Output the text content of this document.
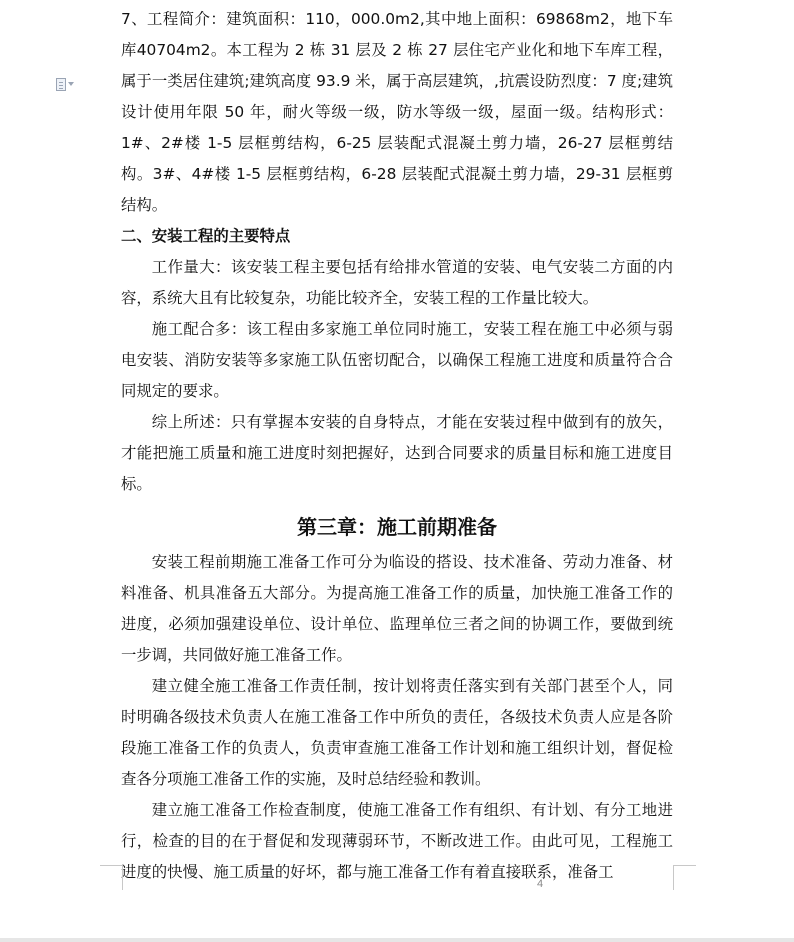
7、工程简介：建筑面积：110，000.0m2,其中地上面积：69868m2，地下车库40704m2。本工程为 2 栋 31 层及 2 栋 27 层住宅产业化和地下车库工程，属于一类居住建筑;建筑高度 93.9 米，属于高层建筑，,抗震设防烈度：7 度;建筑设计使用年限 50 年，耐火等级一级，防水等级一级，屋面一级。结构形式：1#、2#楼 1-5 层框剪结构，6-25 层装配式混凝土剪力墙，26-27 层框剪结构。3#、4#楼 1-5 层框剪结构，6-28 层装配式混凝土剪力墙，29-31 层框剪结构。

二、安装工程的主要特点

工作量大：该安装工程主要包括有给排水管道的安装、电气安装二方面的内容，系统大且有比较复杂，功能比较齐全，安装工程的工作量比较大。

施工配合多：该工程由多家施工单位同时施工，安装工程在施工中必须与弱电安装、消防安装等多家施工队伍密切配合，以确保工程施工进度和质量符合合同规定的要求。

综上所述：只有掌握本安装的自身特点，才能在安装过程中做到有的放矢，才能把施工质量和施工进度时刻把握好，达到合同要求的质量目标和施工进度目标。

第三章：施工前期准备

安装工程前期施工准备工作可分为临设的搭设、技术准备、劳动力准备、材料准备、机具准备五大部分。为提高施工准备工作的质量，加快施工准备工作的进度，必须加强建设单位、设计单位、监理单位三者之间的协调工作，要做到统一步调，共同做好施工准备工作。

建立健全施工准备工作责任制，按计划将责任落实到有关部门甚至个人，同时明确各级技术负责人在施工准备工作中所负的责任，各级技术负责人应是各阶段施工准备工作的负责人，负责审查施工准备工作计划和施工组织计划，督促检查各分项施工准备工作的实施，及时总结经验和教训。

建立施工准备工作检查制度，使施工准备工作有组织、有计划、有分工地进行，检查的目的在于督促和发现薄弱环节，不断改进工作。由此可见，工程施工进度的快慢、施工质量的好坏，都与施工准备工作有着直接联系，准备工

4
